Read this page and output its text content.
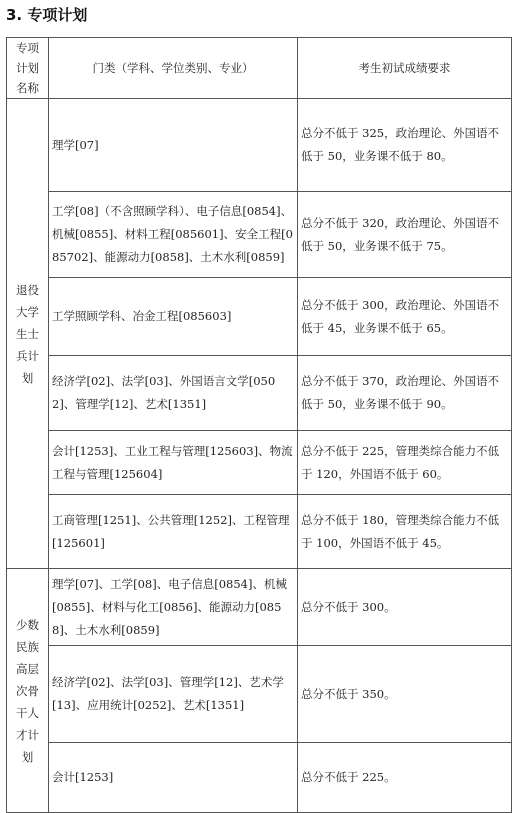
3. 专项计划
专项计划名称	门类（学科、学位类别、专业）	考生初试成绩要求
退役大学生士兵计划	理学[07]	总分不低于 325，政治理论、外国语不低于 50，业务课不低于 80。
	工学[08]（不含照顾学科）、电子信息[0854]、机械[0855]、材料工程[085601]、安全工程[085702]、能源动力[0858]、土木水利[0859]	总分不低于 320，政治理论、外国语不低于 50，业务课不低于 75。
	工学照顾学科、冶金工程[085603]	总分不低于 300，政治理论、外国语不低于 45，业务课不低于 65。
	经济学[02]、法学[03]、外国语言文学[0502]、管理学[12]、艺术[1351]	总分不低于 370，政治理论、外国语不低于 50，业务课不低于 90。
	会计[1253]、工业工程与管理[125603]、物流工程与管理[125604]	总分不低于 225，管理类综合能力不低于 120，外国语不低于 60。
	工商管理[1251]、公共管理[1252]、工程管理[125601]	总分不低于 180，管理类综合能力不低于 100，外国语不低于 45。
少数民族高层次骨干人才计划	理学[07]、工学[08]、电子信息[0854]、机械[0855]、材料与化工[0856]、能源动力[0858]、土木水利[0859]	总分不低于 300。
	经济学[02]、法学[03]、管理学[12]、艺术学[13]、应用统计[0252]、艺术[1351]	总分不低于 350。
	会计[1253]	总分不低于 225。
